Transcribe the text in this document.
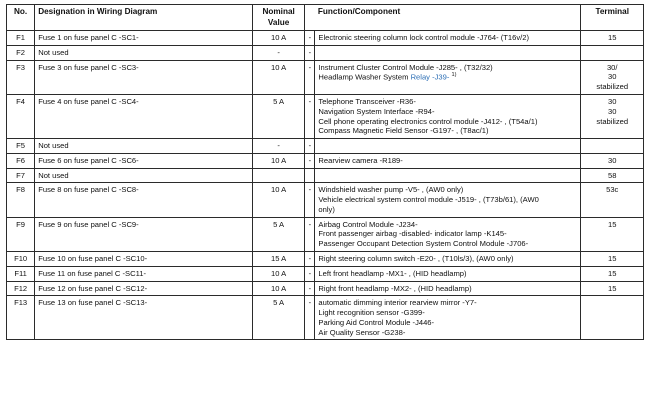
No.	Designation in Wiring Diagram	Nominal
Value		Function/Component	Terminal
F1	Fuse 1 on fuse panel C -SC1-	10 A	-	Electronic steering column lock control module -J764- (T16v/2)	15

F2	Not used	-	-		
F3	Fuse 3 on fuse panel C -SC3-	10 A	-	Instrument Cluster Control Module -J285- , (T32/32)
Headlamp Washer System Relay -J39- $^{1)}$	30/
30
stabilized

F4	Fuse 4 on fuse panel C -SC4-	5 A	-	Telephone Transceiver -R36-
Navigation System Interface -R94-
Cell phone operating electronics control module -J412- , (T54a/1)
Compass Magnetic Field Sensor -G197- , (T8ac/1)	30
30
stabilized

F5	Not used	-	-		
F6	Fuse 6 on fuse panel C -SC6-	10 A	-	Rearview camera -R189-	30

F7	Not used				58

F8	Fuse 8 on fuse panel C -SC8-	10 A	-	Windshield washer pump -V5- , (AW0 only)
Vehicle electrical system control module -J519- , (T73b/61), (AW0
only)	53c

F9	Fuse 9 on fuse panel C -SC9-	5 A	-	Airbag Control Module -J234-
Front passenger airbag -disabled- indicator lamp -K145-
Passenger Occupant Detection System Control Module -J706-	15

F10	Fuse 10 on fuse panel C -SC10-	15 A	-	Right steering column switch -E20- , (T10ls/3), (AW0 only)	15

F11	Fuse 11 on fuse panel C -SC11-	10 A	-	Left front headlamp -MX1- , (HID headlamp)	15

F12	Fuse 12 on fuse panel C -SC12-	10 A	-	Right front headlamp -MX2- , (HID headlamp)	15

F13	Fuse 13 on fuse panel C -SC13-	5 A	-	automatic dimming interior rearview mirror -Y7-
Light recognition sensor -G399-
Parking Aid Control Module -J446-
Air Quality Sensor -G238-	
